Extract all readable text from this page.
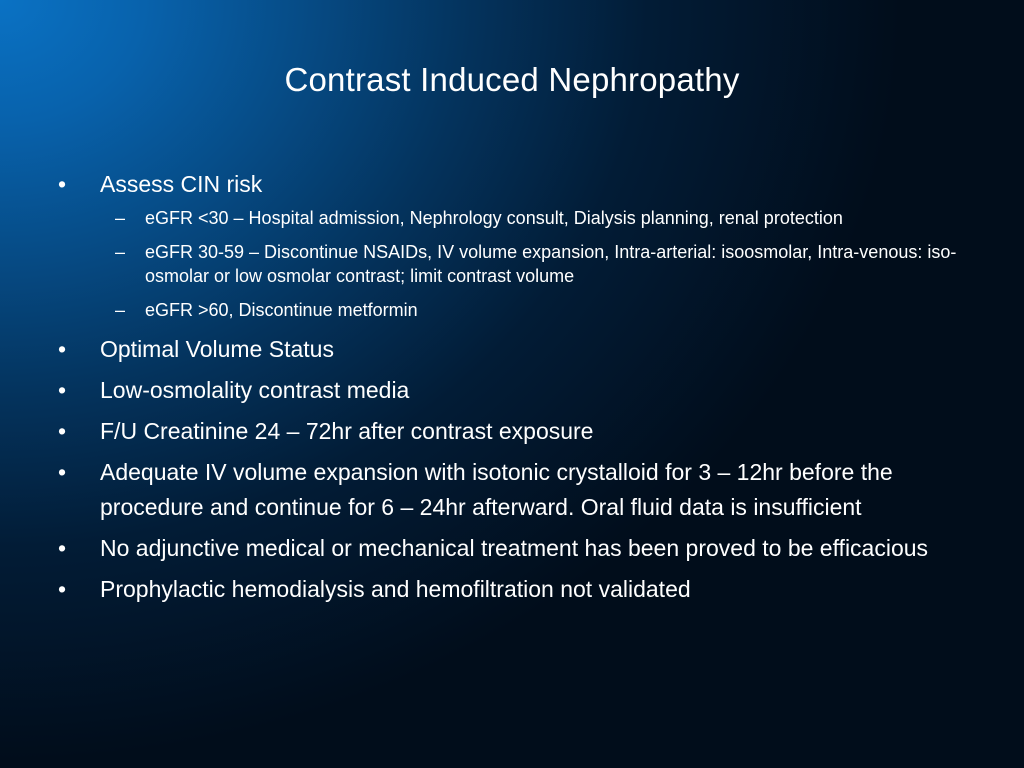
Contrast Induced Nephropathy
•	Assess CIN risk
– eGFR <30 – Hospital admission, Nephrology consult, Dialysis planning, renal protection
– eGFR 30-59 – Discontinue NSAIDs, IV volume expansion, Intra-arterial: isoosmolar, Intra-venous: iso-osmolar or low osmolar contrast; limit contrast volume
– eGFR >60, Discontinue metformin
•	Optimal Volume Status
•	Low-osmolality contrast media
•	F/U Creatinine 24 – 72hr after contrast exposure
•	Adequate IV volume expansion with isotonic crystalloid for 3 – 12hr before the procedure and continue for 6 – 24hr afterward. Oral fluid data is insufficient
•	No adjunctive medical or mechanical treatment has been proved to be efficacious
•	Prophylactic hemodialysis and hemofiltration not validated
